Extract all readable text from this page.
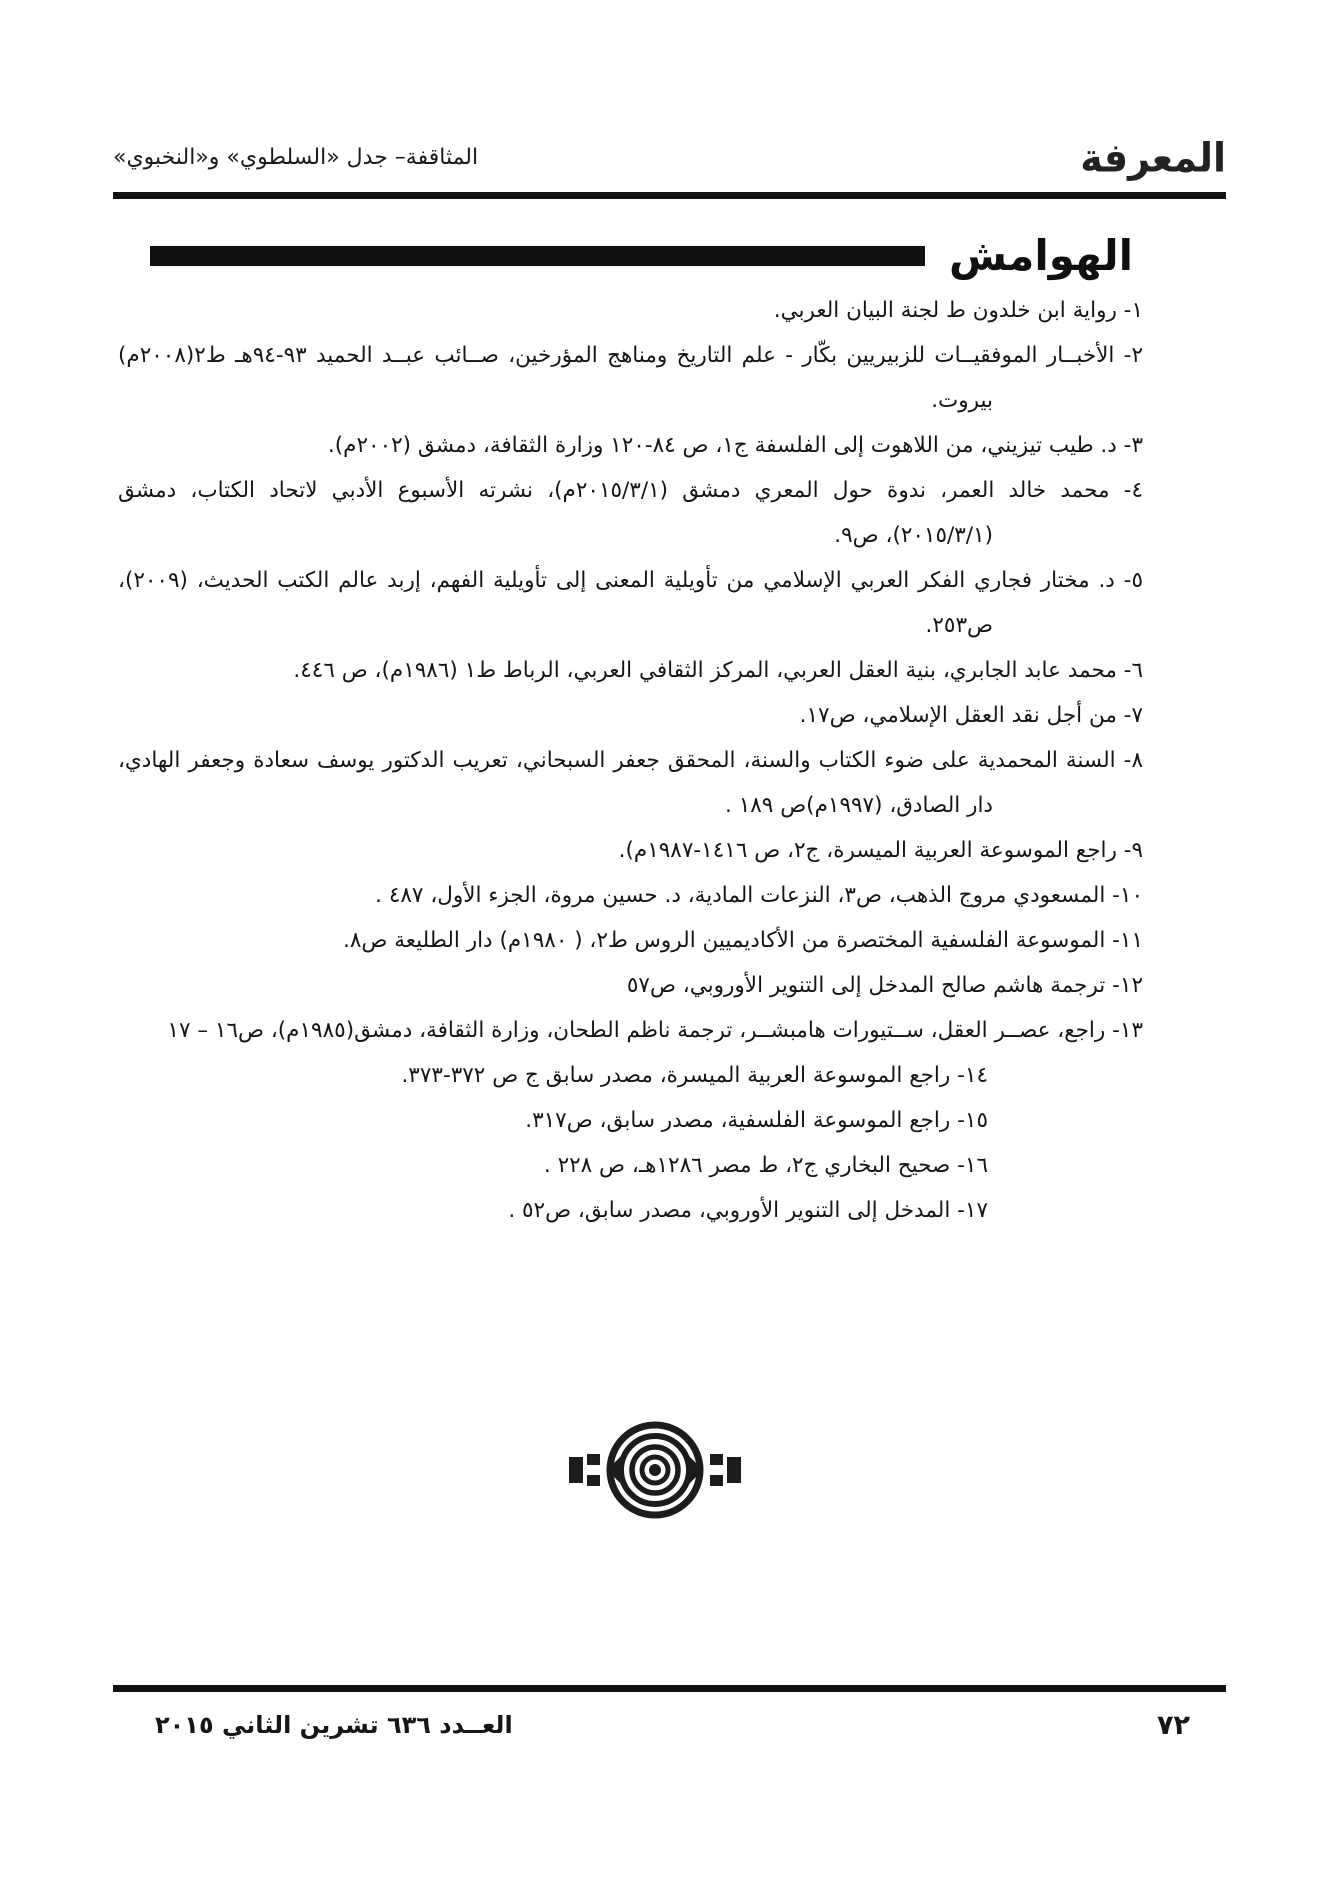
المعرفة
المثاقفة– جدل «السلطوي» و«النخبوي»
الهوامش
١- رواية ابن خلدون ط لجنة البيان العربي.
٢- الأخبــار الموفقيــات للزبيريين بكّار - علم التاريخ ومناهج المؤرخين، صــائب عبــد الحميد ٩٣-٩٤هـ ط٢(٢٠٠٨م) بيروت.
٣- د. طيب تيزيني، من اللاهوت إلى الفلسفة ج١، ص ٨٤-١٢٠ وزارة الثقافة، دمشق (٢٠٠٢م).
٤- محمد خالد العمر، ندوة حول المعري دمشق (٢٠١٥/٣/١م)، نشرته الأسبوع الأدبي لاتحاد الكتاب، دمشق (٢٠١٥/٣/١)، ص٩.
٥- د. مختار فجاري الفكر العربي الإسلامي من تأويلية المعنى إلى تأويلية الفهم، إربد عالم الكتب الحديث، (٢٠٠٩)، ص٢٥٣.
٦- محمد عابد الجابري، بنية العقل العربي، المركز الثقافي العربي، الرباط ط١ (١٩٨٦م)، ص ٤٤٦.
٧- من أجل نقد العقل الإسلامي، ص١٧.
٨- السنة المحمدية على ضوء الكتاب والسنة، المحقق جعفر السبحاني، تعريب الدكتور يوسف سعادة وجعفر الهادي، دار الصادق، (١٩٩٧م)ص ١٨٩ .
٩- راجع الموسوعة العربية الميسرة، ج٢، ص ١٤١٦-١٩٨٧م).
١٠- المسعودي مروج الذهب، ص٣، النزعات المادية، د. حسين مروة، الجزء الأول، ٤٨٧ .
١١- الموسوعة الفلسفية المختصرة من الأكاديميين الروس ط٢، ( ١٩٨٠م) دار الطليعة ص٨.
١٢- ترجمة هاشم صالح المدخل إلى التنوير الأوروبي، ص٥٧
١٣- راجع، عصــر العقل، ســتيورات هامبشــر، ترجمة ناظم الطحان، وزارة الثقافة، دمشق(١٩٨٥م)، ص١٦ – ١٧
١٤- راجع الموسوعة العربية الميسرة، مصدر سابق ج ص ٣٧٢-٣٧٣.
١٥- راجع الموسوعة الفلسفية، مصدر سابق، ص٣١٧.
١٦- صحيح البخاري ج٢، ط مصر ١٢٨٦هـ، ص ٢٢٨ .
١٧- المدخل إلى التنوير الأوروبي، مصدر سابق، ص٥٢ .
٧٢
العــدد ٦٣٦ تشرين الثاني ٢٠١٥
